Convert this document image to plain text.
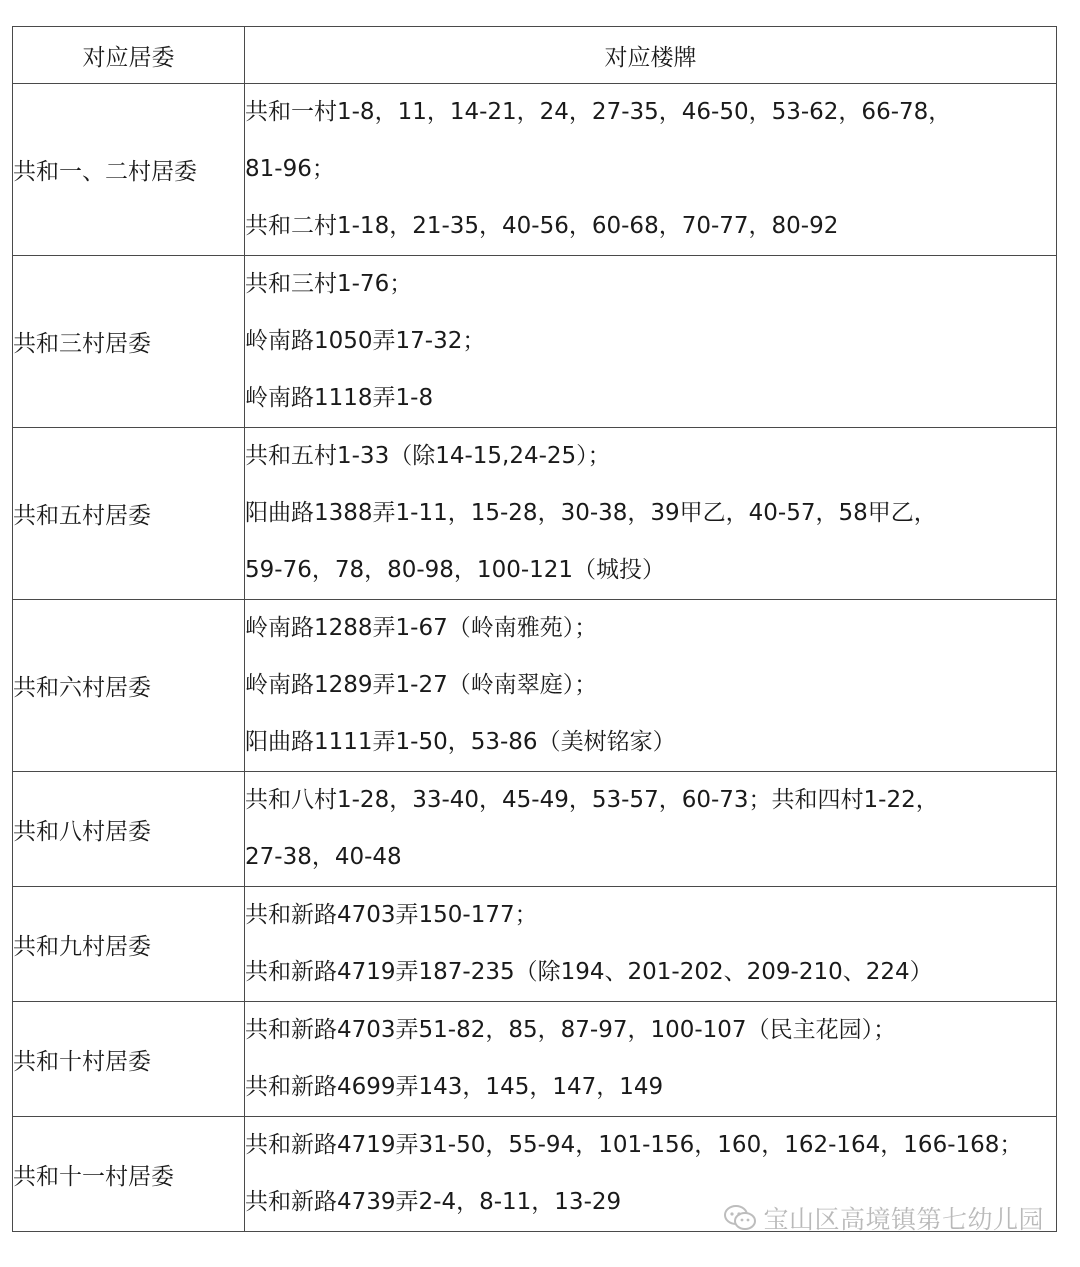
对应居委	对应楼牌
共和一、二村居委	共和一村1-8，11，14-21，24，27-35，46-50，53-62，66-78，
81-96；
共和二村1-18，21-35，40-56，60-68，70-77，80-92

共和三村居委	共和三村1-76；
岭南路1050弄17-32；
岭南路1118弄1-8

共和五村居委	共和五村1-33（除14-15,24-25）；
阳曲路1388弄1-11，15-28，30-38，39甲乙，40-57，58甲乙，
59-76，78，80-98，100-121（城投）

共和六村居委	岭南路1288弄1-67（岭南雅苑）；
岭南路1289弄1-27（岭南翠庭）；
阳曲路1111弄1-50，53-86（美树铭家）

共和八村居委	共和八村1-28，33-40，45-49，53-57，60-73；共和四村1-22，
27-38，40-48

共和九村居委	共和新路4703弄150-177；
共和新路4719弄187-235（除194、201-202、209-210、224）

共和十村居委	共和新路4703弄51-82，85，87-97，100-107（民主花园）；
共和新路4699弄143，145，147，149

共和十一村居委	共和新路4719弄31-50，55-94，101-156，160，162-164，166-168；
共和新路4739弄2-4，8-11，13-29
宝山区高境镇第七幼儿园
